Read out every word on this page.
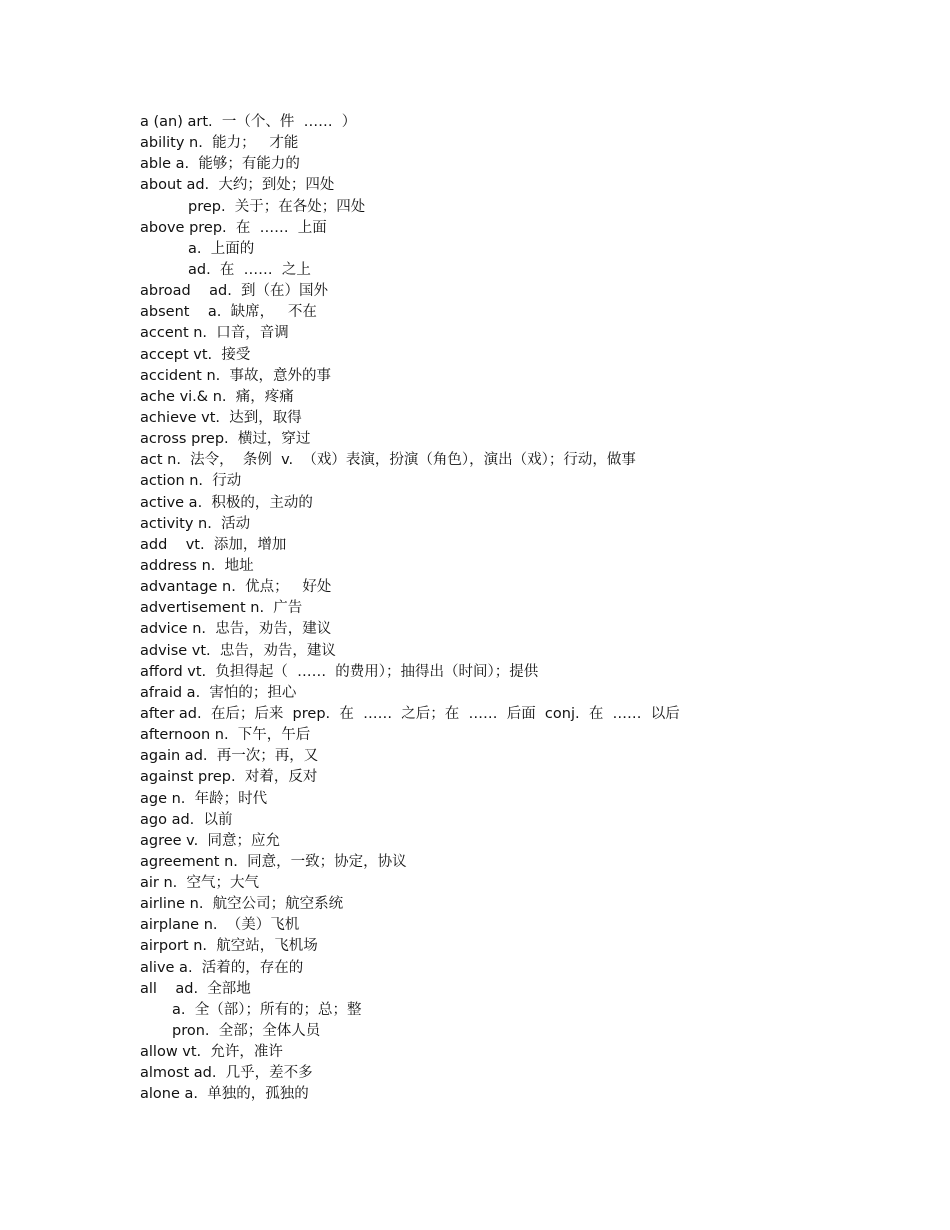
a (an) art.  一（个、件  ……  ）
ability n.  能力；   才能
able a.  能够；有能力的
about ad.  大约；到处；四处
prep.  关于；在各处；四处
above prep.  在  ……  上面
a.  上面的
ad.  在  ……  之上
abroad    ad.  到（在）国外
absent    a.  缺席，   不在
accent n.  口音，音调
accept vt.  接受
accident n.  事故，意外的事
ache vi.& n.  痛，疼痛
achieve vt.  达到，取得
across prep.  横过，穿过
act n.  法令，  条例  v.  （戏）表演，扮演（角色），演出（戏）；行动，做事
action n.  行动
active a.  积极的，主动的
activity n.  活动
add    vt.  添加，增加
address n.  地址
advantage n.  优点；   好处
advertisement n.  广告
advice n.  忠告，劝告，建议
advise vt.  忠告，劝告，建议
afford vt.  负担得起（  ……  的费用）；抽得出（时间）；提供
afraid a.  害怕的；担心
after ad.  在后；后来  prep.  在  ……  之后；在  ……  后面  conj.  在  ……  以后
afternoon n.  下午，午后
again ad.  再一次；再，又
against prep.  对着，反对
age n.  年龄；时代
ago ad.  以前
agree v.  同意；应允
agreement n.  同意，一致；协定，协议
air n.  空气；大气
airline n.  航空公司；航空系统
airplane n.  （美）飞机
airport n.  航空站，飞机场
alive a.  活着的，存在的
all    ad.  全部地
a.  全（部）；所有的；总；整
pron.  全部；全体人员
allow vt.  允许，准许
almost ad.  几乎，差不多
alone a.  单独的，孤独的
